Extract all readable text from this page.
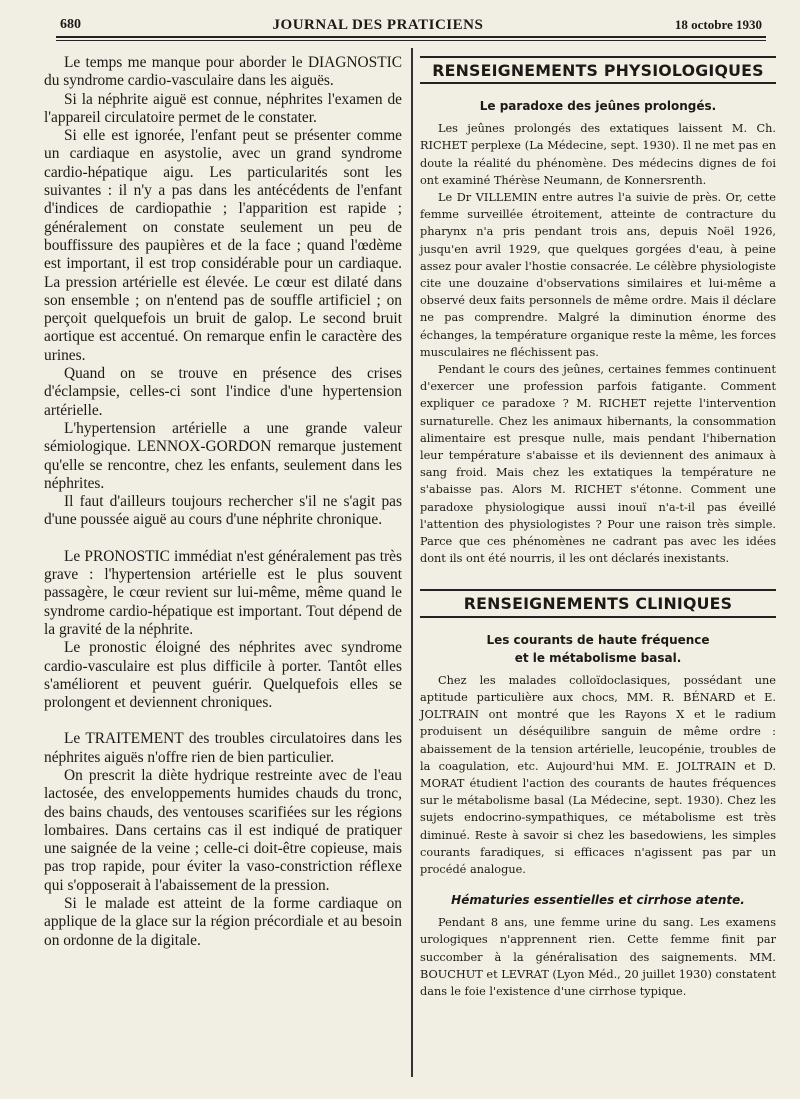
680	JOURNAL DES PRATICIENS	18 octobre 1930

Le temps me manque pour aborder le DIAGNOSTIC du syndrome cardio-vasculaire dans les aiguës.

Si la néphrite aiguë est connue, néphrites l'examen de l'appareil circulatoire permet de le constater.

Si elle est ignorée, l'enfant peut se présenter comme un cardiaque en asystolie, avec un grand syndrome cardio-hépatique aigu. Les particularités sont les suivantes : il n'y a pas dans les antécédents de l'enfant d'indices de cardiopathie ; l'apparition est rapide ; généralement on constate seulement un peu de bouffissure des paupières et de la face ; quand l'œdème est important, il est trop considérable pour un cardiaque. La pression artérielle est élevée. Le cœur est dilaté dans son ensemble ; on n'entend pas de souffle artificiel ; on perçoit quelquefois un bruit de galop. Le second bruit aortique est accentué. On remarque enfin le caractère des urines.

Quand on se trouve en présence des crises d'éclampsie, celles-ci sont l'indice d'une hypertension artérielle.

L'hypertension artérielle a une grande valeur sémiologique. LENNOX-GORDON remarque justement qu'elle se rencontre, chez les enfants, seulement dans les néphrites.

Il faut d'ailleurs toujours rechercher s'il ne s'agit pas d'une poussée aiguë au cours d'une néphrite chronique.

Le PRONOSTIC immédiat n'est généralement pas très grave : l'hypertension artérielle est le plus souvent passagère, le cœur revient sur lui-même, même quand le syndrome cardio-hépatique est important. Tout dépend de la gravité de la néphrite.

Le pronostic éloigné des néphrites avec syndrome cardio-vasculaire est plus difficile à porter. Tantôt elles s'améliorent et peuvent guérir. Quelquefois elles se prolongent et deviennent chroniques.

Le TRAITEMENT des troubles circulatoires dans les néphrites aiguës n'offre rien de bien particulier.

On prescrit la diète hydrique restreinte avec de l'eau lactosée, des enveloppements humides chauds du tronc, des bains chauds, des ventouses scarifiées sur les régions lombaires. Dans certains cas il est indiqué de pratiquer une saignée de la veine ; celle-ci doit-être copieuse, mais pas trop rapide, pour éviter la vaso-constriction réflexe qui s'opposerait à l'abaissement de la pression.

Si le malade est atteint de la forme cardiaque on applique de la glace sur la région précordiale et au besoin on ordonne de la digitale.

RENSEIGNEMENTS PHYSIOLOGIQUES
Le paradoxe des jeûnes prolongés.

Les jeûnes prolongés des extatiques laissent M. Ch. RICHET perplexe (La Médecine, sept. 1930). Il ne met pas en doute la réalité du phénomène. Des médecins dignes de foi ont examiné Thérèse Neumann, de Konnersrenth.

Le Dr VILLEMIN entre autres l'a suivie de près. Or, cette femme surveillée étroitement, atteinte de contracture du pharynx n'a pris pendant trois ans, depuis Noël 1926, jusqu'en avril 1929, que quelques gorgées d'eau, à peine assez pour avaler l'hostie consacrée. Le célèbre physiologiste cite une douzaine d'observations similaires et lui-même a observé deux faits personnels de même ordre. Mais il déclare ne pas comprendre. Malgré la diminution énorme des échanges, la température organique reste la même, les forces musculaires ne fléchissent pas.

Pendant le cours des jeûnes, certaines femmes continuent d'exercer une profession parfois fatigante. Comment expliquer ce paradoxe ? M. RICHET rejette l'intervention surnaturelle. Chez les animaux hibernants, la consommation alimentaire est presque nulle, mais pendant l'hibernation leur température s'abaisse et ils deviennent des animaux à sang froid. Mais chez les extatiques la température ne s'abaisse pas. Alors M. RICHET s'étonne. Comment une paradoxe physiologique aussi inouï n'a-t-il pas éveillé l'attention des physiologistes ? Pour une raison très simple. Parce que ces phénomènes ne cadrant pas avec les idées dont ils ont été nourris, il les ont déclarés inexistants.

RENSEIGNEMENTS CLINIQUES
Les courants de haute fréquence
et le métabolisme basal.

Chez les malades colloïdoclasiques, possédant une aptitude particulière aux chocs, MM. R. BÉNARD et E. JOLTRAIN ont montré que les Rayons X et le radium produisent un déséquilibre sanguin de même ordre : abaissement de la tension artérielle, leucopénie, troubles de la coagulation, etc. Aujourd'hui MM. E. JOLTRAIN et D. MORAT étudient l'action des courants de hautes fréquences sur le métabolisme basal (La Médecine, sept. 1930). Chez les sujets endocrino-sympathiques, ce métabolisme est très diminué. Reste à savoir si chez les basedowiens, les simples courants faradiques, si efficaces n'agissent pas par un procédé analogue.

Hématuries essentielles et cirrhose atente.

Pendant 8 ans, une femme urine du sang. Les examens urologiques n'apprennent rien. Cette femme finit par succomber à la généralisation des saignements. MM. BOUCHUT et LEVRAT (Lyon Méd., 20 juillet 1930) constatent dans le foie l'existence d'une cirrhose typique.
